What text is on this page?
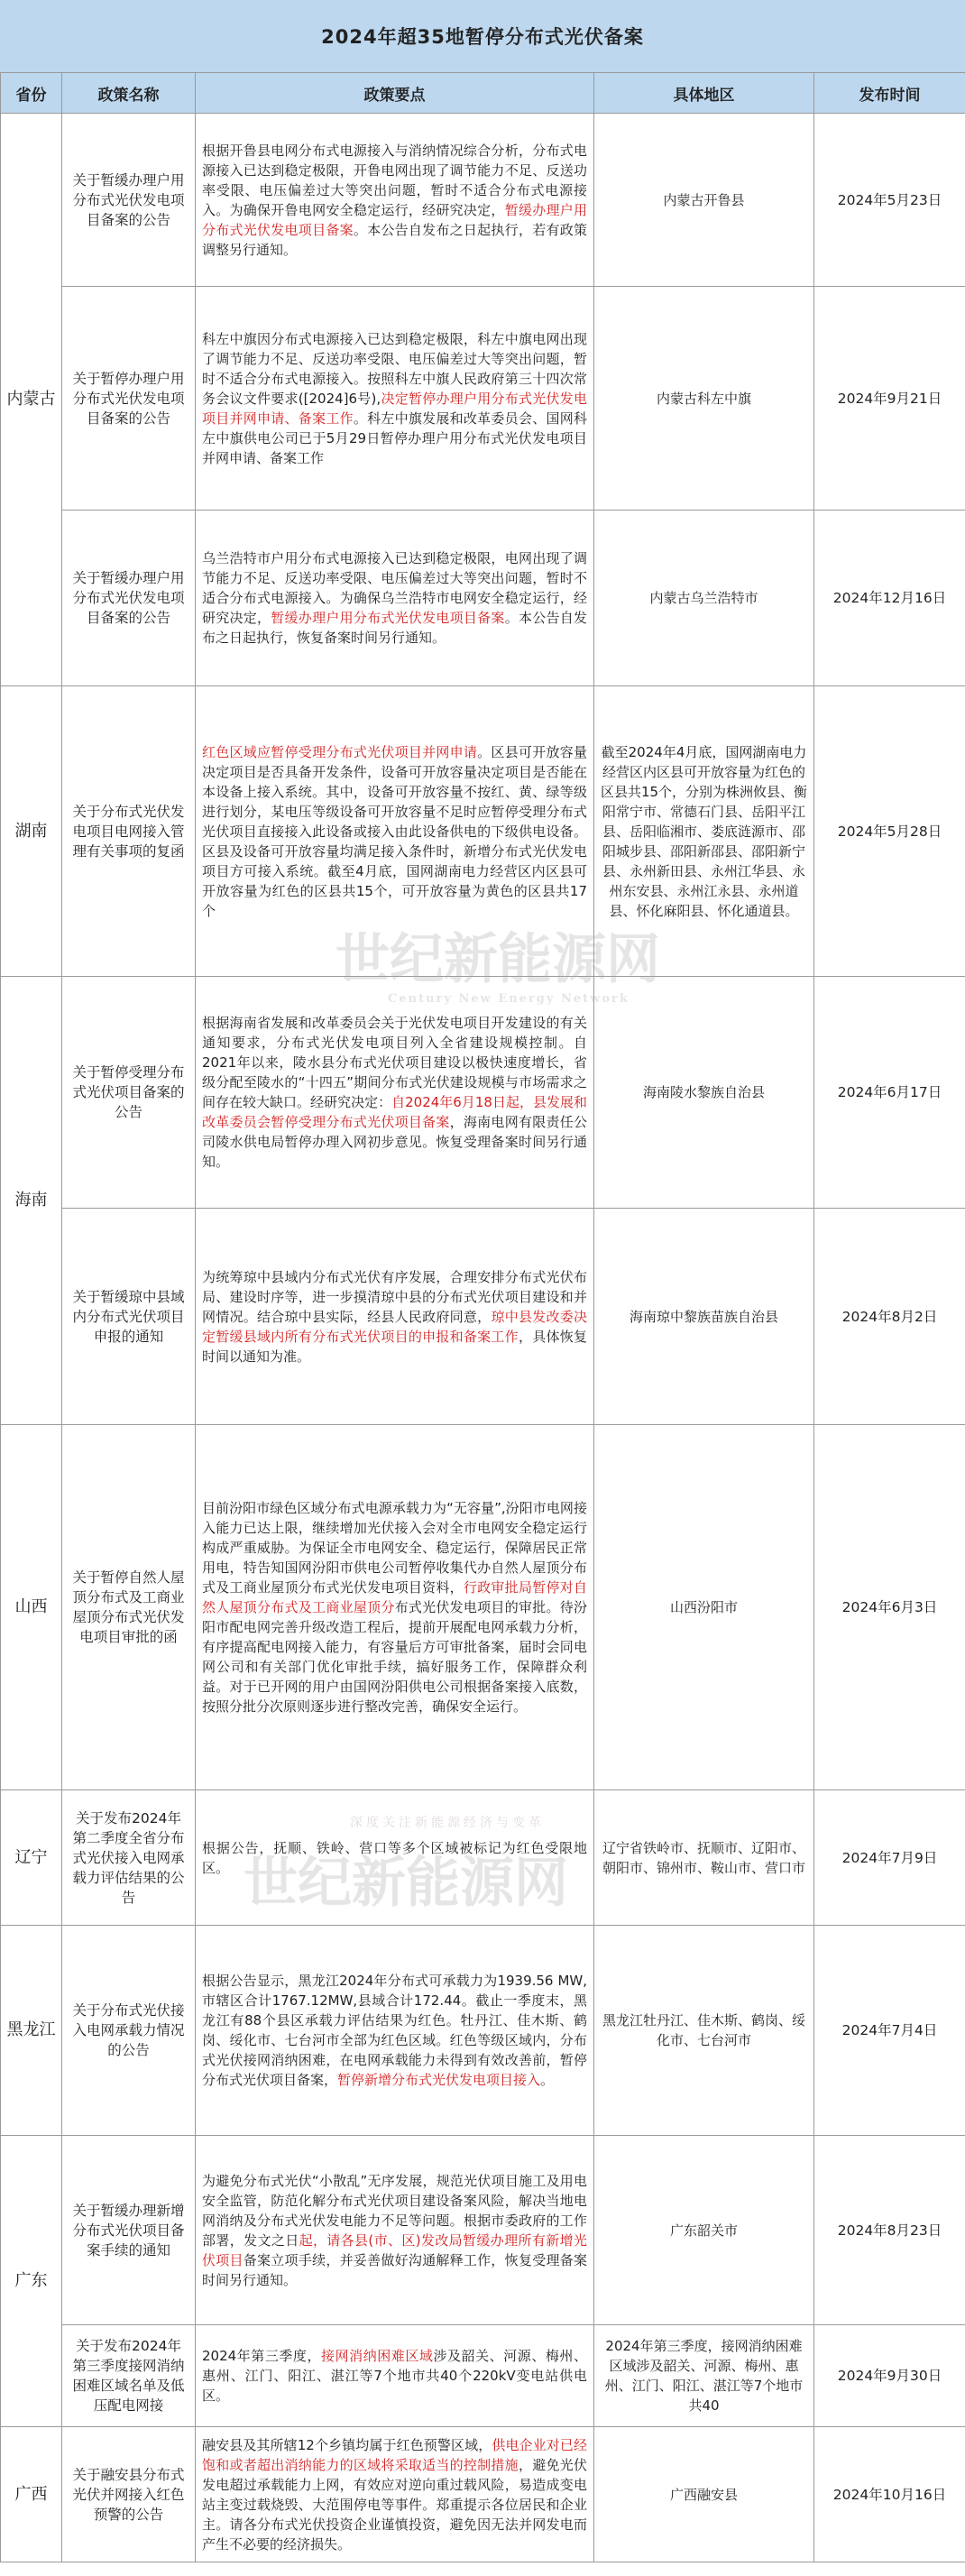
2024年超35地暂停分布式光伏备案
省份	政策名称	政策要点	具体地区	发布时间
内蒙古	关于暂缓办理户用分布式光伏发电项目备案的公告	根据开鲁县电网分布式电源接入与消纳情况综合分析，分布式电源接入已达到稳定极限，开鲁电网出现了调节能力不足、反送功率受限、电压偏差过大等突出问题，暂时不适合分布式电源接入。为确保开鲁电网安全稳定运行，经研究决定，暂缓办理户用分布式光伏发电项目备案。本公告自发布之日起执行，若有政策调整另行通知。	内蒙古开鲁县	2024年5月23日
	关于暂停办理户用分布式光伏发电项目备案的公告	科左中旗因分布式电源接入已达到稳定极限，科左中旗电网出现了调节能力不足、反送功率受限、电压偏差过大等突出问题，暂时不适合分布式电源接入。按照科左中旗人民政府第三十四次常务会议文件要求([2024]6号),决定暂停办理户用分布式光伏发电项目并网申请、备案工作。科左中旗发展和改革委员会、国网科左中旗供电公司已于5月29日暂停办理户用分布式光伏发电项目并网申请、备案工作	内蒙古科左中旗	2024年9月21日
	关于暂缓办理户用分布式光伏发电项目备案的公告	乌兰浩特市户用分布式电源接入已达到稳定极限，电网出现了调节能力不足、反送功率受限、电压偏差过大等突出问题，暂时不适合分布式电源接入。为确保乌兰浩特市电网安全稳定运行，经研究决定，暂缓办理户用分布式光伏发电项目备案。本公告自发布之日起执行，恢复备案时间另行通知。	内蒙古乌兰浩特市	2024年12月16日
湖南	关于分布式光伏发电项目电网接入管理有关事项的复函	红色区域应暂停受理分布式光伏项目并网申请。区县可开放容量决定项目是否具备开发条件，设备可开放容量决定项目是否能在本设备上接入系统。其中，设备可开放容量不按红、黄、绿等级进行划分，某电压等级设备可开放容量不足时应暂停受理分布式光伏项目直接接入此设备或接入由此设备供电的下级供电设备。区县及设备可开放容量均满足接入条件时，新增分布式光伏发电项目方可接入系统。截至4月底，国网湖南电力经营区内区县可开放容量为红色的区县共15个，可开放容量为黄色的区县共17个	截至2024年4月底，国网湖南电力经营区内区县可开放容量为红色的区县共15个，分别为株洲攸县、衡阳常宁市、常德石门县、岳阳平江县、岳阳临湘市、娄底涟源市、邵阳城步县、邵阳新邵县、邵阳新宁县、永州新田县、永州江华县、永州东安县、永州江永县、永州道县、怀化麻阳县、怀化通道县。	2024年5月28日
海南	关于暂停受理分布式光伏项目备案的公告	根据海南省发展和改革委员会关于光伏发电项目开发建设的有关通知要求，分布式光伏发电项目列入全省建设规模控制。自2021年以来，陵水县分布式光伏项目建设以极快速度增长，省级分配至陵水的“十四五”期间分布式光伏建设规模与市场需求之间存在较大缺口。经研究决定：自2024年6月18日起，县发展和改革委员会暂停受理分布式光伏项目备案，海南电网有限责任公司陵水供电局暂停办理入网初步意见。恢复受理备案时间另行通知。	海南陵水黎族自治县	2024年6月17日
	关于暂缓琼中县域内分布式光伏项目申报的通知	为统筹琼中县域内分布式光伏有序发展，合理安排分布式光伏布局、建设时序等，进一步摸清琼中县的分布式光伏项目建设和并网情况。结合琼中县实际，经县人民政府同意，琼中县发改委决定暂缓县域内所有分布式光伏项目的申报和备案工作，具体恢复时间以通知为准。	海南琼中黎族苗族自治县	2024年8月2日
山西	关于暂停自然人屋顶分布式及工商业屋顶分布式光伏发电项目审批的函	目前汾阳市绿色区域分布式电源承载力为“无容量”,汾阳市电网接入能力已达上限，继续增加光伏接入会对全市电网安全稳定运行构成严重威胁。为保证全市电网安全、稳定运行，保障居民正常用电，特告知国网汾阳市供电公司暂停收集代办自然人屋顶分布式及工商业屋顶分布式光伏发电项目资料，行政审批局暂停对自然人屋顶分布式及工商业屋顶分布式光伏发电项目的审批。待汾阳市配电网完善升级改造工程后，提前开展配电网承载力分析，有序提高配电网接入能力，有容量后方可审批备案，届时会同电网公司和有关部门优化审批手续，搞好服务工作，保障群众利益。对于已开网的用户由国网汾阳供电公司根据备案接入底数，按照分批分次原则逐步进行整改完善，确保安全运行。	山西汾阳市	2024年6月3日
辽宁	关于发布2024年第二季度全省分布式光伏接入电网承载力评估结果的公告	根据公告，抚顺、铁岭、营口等多个区域被标记为红色受限地区。	辽宁省铁岭市、抚顺市、辽阳市、朝阳市、锦州市、鞍山市、营口市	2024年7月9日
黑龙江	关于分布式光伏接入电网承载力情况的公告	根据公告显示，黑龙江2024年分布式可承载力为1939.56 MW,市辖区合计1767.12MW,县域合计172.44。截止一季度末，黑龙江有88个县区承载力评估结果为红色。牡丹江、佳木斯、鹤岗、绥化市、七台河市全部为红色区域。红色等级区域内，分布式光伏接网消纳困难，在电网承载能力未得到有效改善前，暂停分布式光伏项目备案，暂停新增分布式光伏发电项目接入。	黑龙江牡丹江、佳木斯、鹤岗、绥化市、七台河市	2024年7月4日
广东	关于暂缓办理新增分布式光伏项目备案手续的通知	为避免分布式光伏“小散乱”无序发展，规范光伏项目施工及用电安全监管，防范化解分布式光伏项目建设备案风险，解决当地电网消纳及分布式光伏发电能力不足等问题。根据市委政府的工作部署，发文之日起，请各县(市、区)发改局暂缓办理所有新增光伏项目备案立项手续，并妥善做好沟通解释工作，恢复受理备案时间另行通知。	广东韶关市	2024年8月23日
	关于发布2024年第三季度接网消纳困难区域名单及低压配电网接	2024年第三季度，接网消纳困难区域涉及韶关、河源、梅州、惠州、江门、阳江、湛江等7个地市共40个220kV变电站供电区。	2024年第三季度，接网消纳困难区域涉及韶关、河源、梅州、惠州、江门、阳江、湛江等7个地市共40	2024年9月30日
广西	关于融安县分布式光伏并网接入红色预警的公告	融安县及其所辖12个乡镇均属于红色预警区域，供电企业对已经饱和或者超出消纳能力的区域将采取适当的控制措施，避免光伏发电超过承载能力上网，有效应对逆向重过载风险，易造成变电站主变过载烧毁、大范围停电等事件。郑重提示各位居民和企业主。请各分布式光伏投资企业谨慎投资，避免因无法并网发电而产生不必要的经济损失。	广西融安县	2024年10月16日
世纪新能源网
Century New Energy Network
深度关注新能源经济与变革
世纪新能源网
